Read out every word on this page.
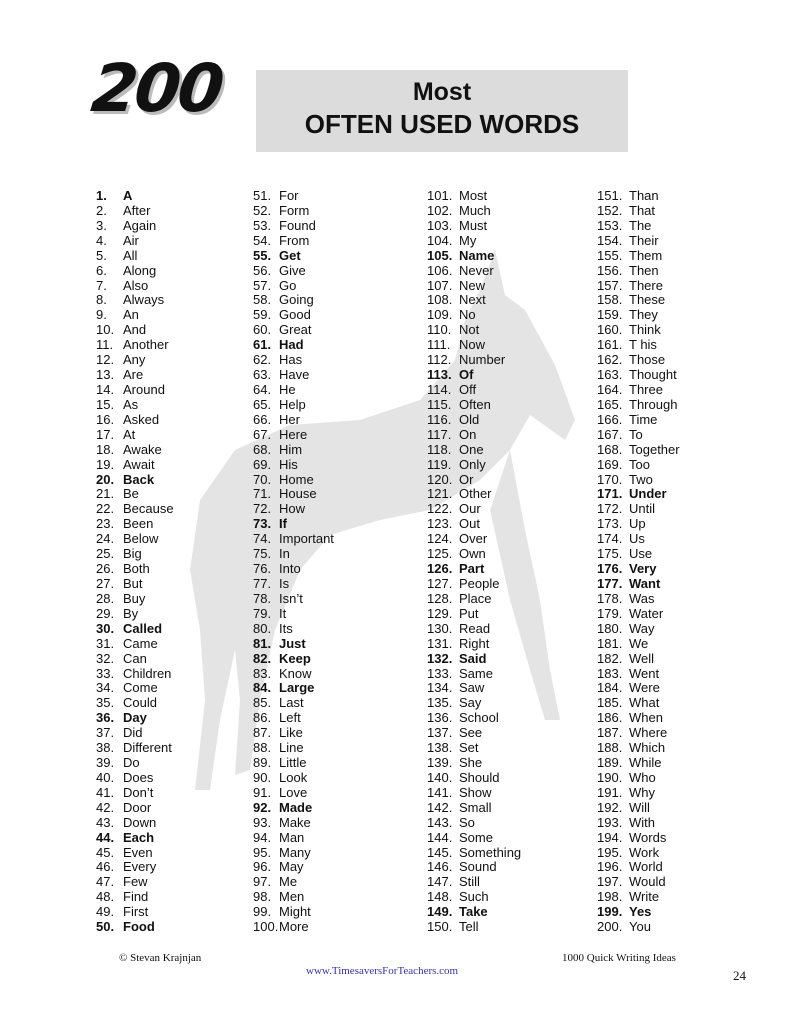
200	Most
OFTEN USED WORDS
1. A
2. After
3. Again
4. Air
5. All
6. Along
7. Also
8. Always
9. An
10. And
11. Another
12. Any
13. Are
14. Around
15. As
16. Asked
17. At
18. Awake
19. Await
20. Back
21. Be
22. Because
23. Been
24. Below
25. Big
26. Both
27. But
28. Buy
29. By
30. Called
31. Came
32. Can
33. Children
34. Come
35. Could
36. Day
37. Did
38. Different
39. Do
40. Does
41. Don’t
42. Door
43. Down
44. Each
45. Even
46. Every
47. Few
48. Find
49. First
50. Food
51. For
52. Form
53. Found
54. From
55. Get
56. Give
57. Go
58. Going
59. Good
60. Great
61. Had
62. Has
63. Have
64. He
65. Help
66. Her
67. Here
68. Him
69. His
70. Home
71. House
72. How
73. If
74. Important
75. In
76. Into
77. Is
78. Isn’t
79. It
80. Its
81. Just
82. Keep
83. Know
84. Large
85. Last
86. Left
87. Like
88. Line
89. Little
90. Look
91. Love
92. Made
93. Make
94. Man
95. Many
96. May
97. Me
98. Men
99. Might
100.More
101. Most
102. Much
103. Must
104. My
105. Name
106. Never
107. New
108. Next
109. No
110. Not
111. Now
112. Number
113. Of
114. Off
115. Often
116. Old
117. On
118. One
119. Only
120. Or
121. Other
122. Our
123. Out
124. Over
125. Own
126. Part
127. People
128. Place
129. Put
130. Read
131. Right
132. Said
133. Same
134. Saw
135. Say
136. School
137. See
138. Set
139. She
140. Should
141. Show
142. Small
143. So
144. Some
145. Something
146. Sound
147. Still
148. Such
149. Take
150. Tell
151. Than
152. That
153. The
154. Their
155. Them
156. Then
157. There
158. These
159. They
160. Think
161. T his
162. Those
163. Thought
164. Three
165. Through
166. Time
167. To
168. Together
169. Too
170. Two
171. Under
172. Until
173. Up
174. Us
175. Use
176. Very
177. Want
178. Was
179. Water
180. Way
181. We
182. Well
183. Went
184. Were
185. What
186. When
187. Where
188. Which
189. While
190. Who
191. Why
192. Will
193. With
194. Words
195. Work
196. World
197. Would
198. Write
199. Yes
200. You
© Stevan Krajnjan	1000 Quick Writing Ideas
www.TimesaversForTeachers.com	24
